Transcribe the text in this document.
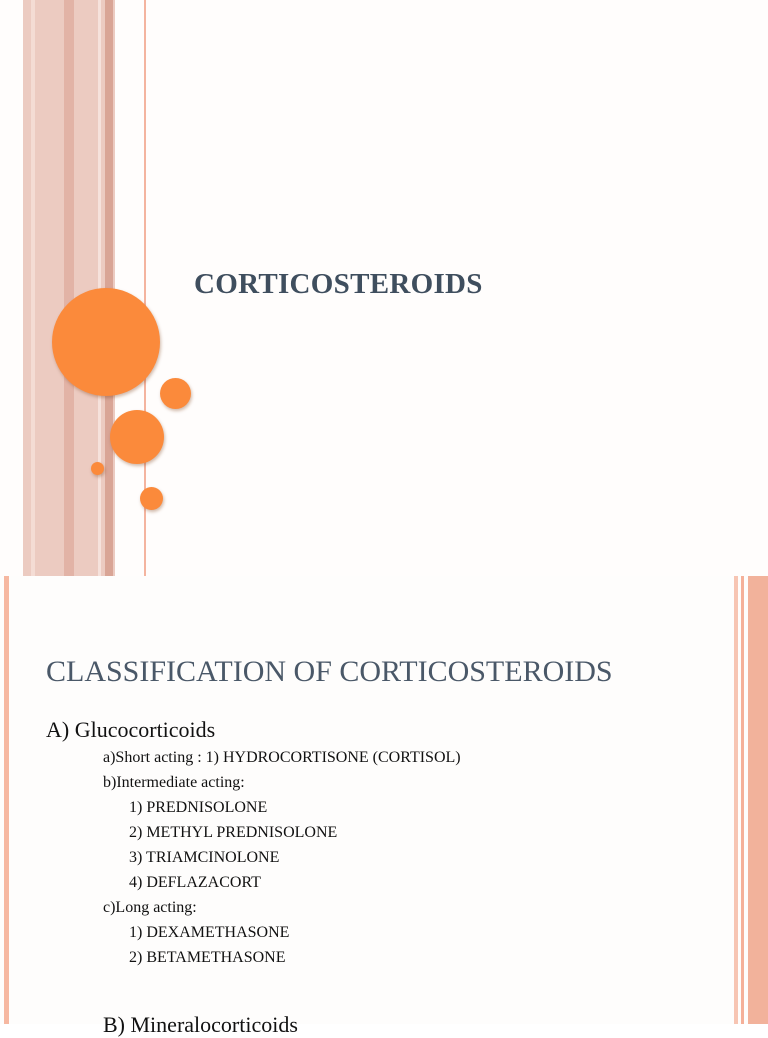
CORTICOSTEROIDS
CLASSIFICATION OF CORTICOSTEROIDS
A) Glucocorticoids
a)Short acting : 1) HYDROCORTISONE (CORTISOL)
b)Intermediate acting:
1) PREDNISOLONE
2) METHYL PREDNISOLONE
3) TRIAMCINOLONE
4) DEFLAZACORT
c)Long acting:
1) DEXAMETHASONE
2) BETAMETHASONE
B) Mineralocorticoids
